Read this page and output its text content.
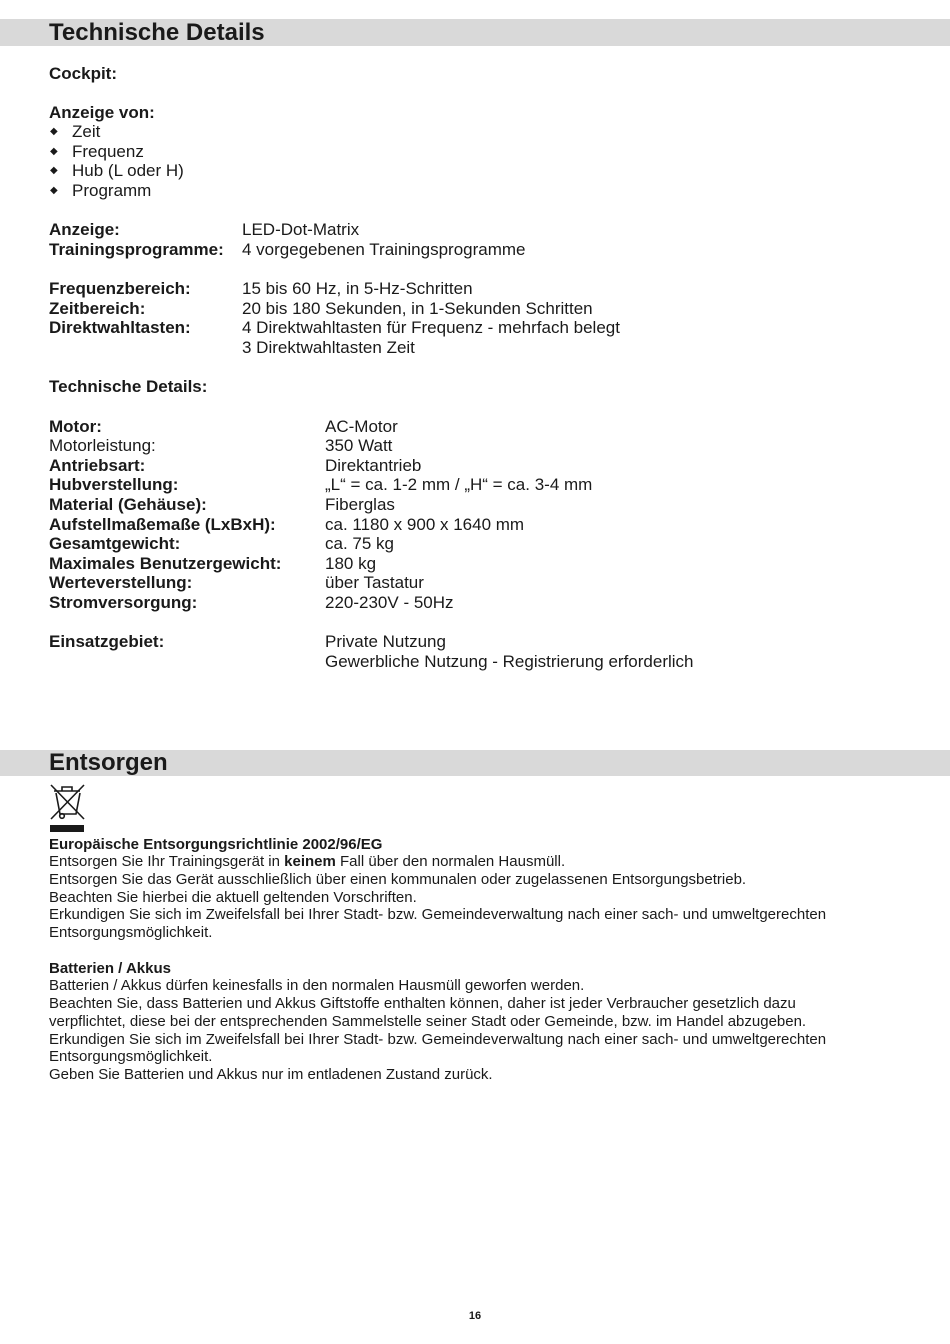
Technische Details
Cockpit:
Anzeige von:
◆ Zeit
◆ Frequenz
◆ Hub (L oder H)
◆ Programm
Anzeige:	LED-Dot-Matrix
Trainingsprogramme: 4 vorgegebenen Trainingsprogramme
Frequenzbereich:	15 bis 60 Hz, in 5-Hz-Schritten
Zeitbereich:	20 bis 180 Sekunden, in 1-Sekunden Schritten
Direktwahltasten:	4 Direktwahltasten für Frequenz - mehrfach belegt
3 Direktwahltasten Zeit
Technische Details:
Motor:	AC-Motor
Motorleistung:	350 Watt
Antriebsart:	Direktantrieb
Hubverstellung:	„L“ = ca. 1-2 mm / „H“ = ca. 3-4 mm
Material (Gehäuse):	Fiberglas
Aufstellmaßemaße (LxBxH):	ca. 1180 x 900 x 1640 mm
Gesamtgewicht:	ca. 75 kg
Maximales Benutzergewicht:	180 kg
Werteverstellung:	über Tastatur
Stromversorgung:	220-230V - 50Hz
Einsatzgebiet:	Private Nutzung
Gewerbliche Nutzung - Registrierung erforderlich
Entsorgen
Europäische Entsorgungsrichtlinie 2002/96/EG
Entsorgen Sie Ihr Trainingsgerät in keinem Fall über den normalen Hausmüll.
Entsorgen Sie das Gerät ausschließlich über einen kommunalen oder zugelassenen Entsorgungsbetrieb.
Beachten Sie hierbei die aktuell geltenden Vorschriften.
Erkundigen Sie sich im Zweifelsfall bei Ihrer Stadt- bzw. Gemeindeverwaltung nach einer sach- und umweltgerechten
Entsorgungsmöglichkeit.
Batterien / Akkus
Batterien / Akkus dürfen keinesfalls in den normalen Hausmüll geworfen werden.
Beachten Sie, dass Batterien und Akkus Giftstoffe enthalten können, daher ist jeder Verbraucher gesetzlich dazu
verpflichtet, diese bei der entsprechenden Sammelstelle seiner Stadt oder Gemeinde, bzw. im Handel abzugeben.
Erkundigen Sie sich im Zweifelsfall bei Ihrer Stadt- bzw. Gemeindeverwaltung nach einer sach- und umweltgerechten
Entsorgungsmöglichkeit.
Geben Sie Batterien und Akkus nur im entladenen Zustand zurück.
16
